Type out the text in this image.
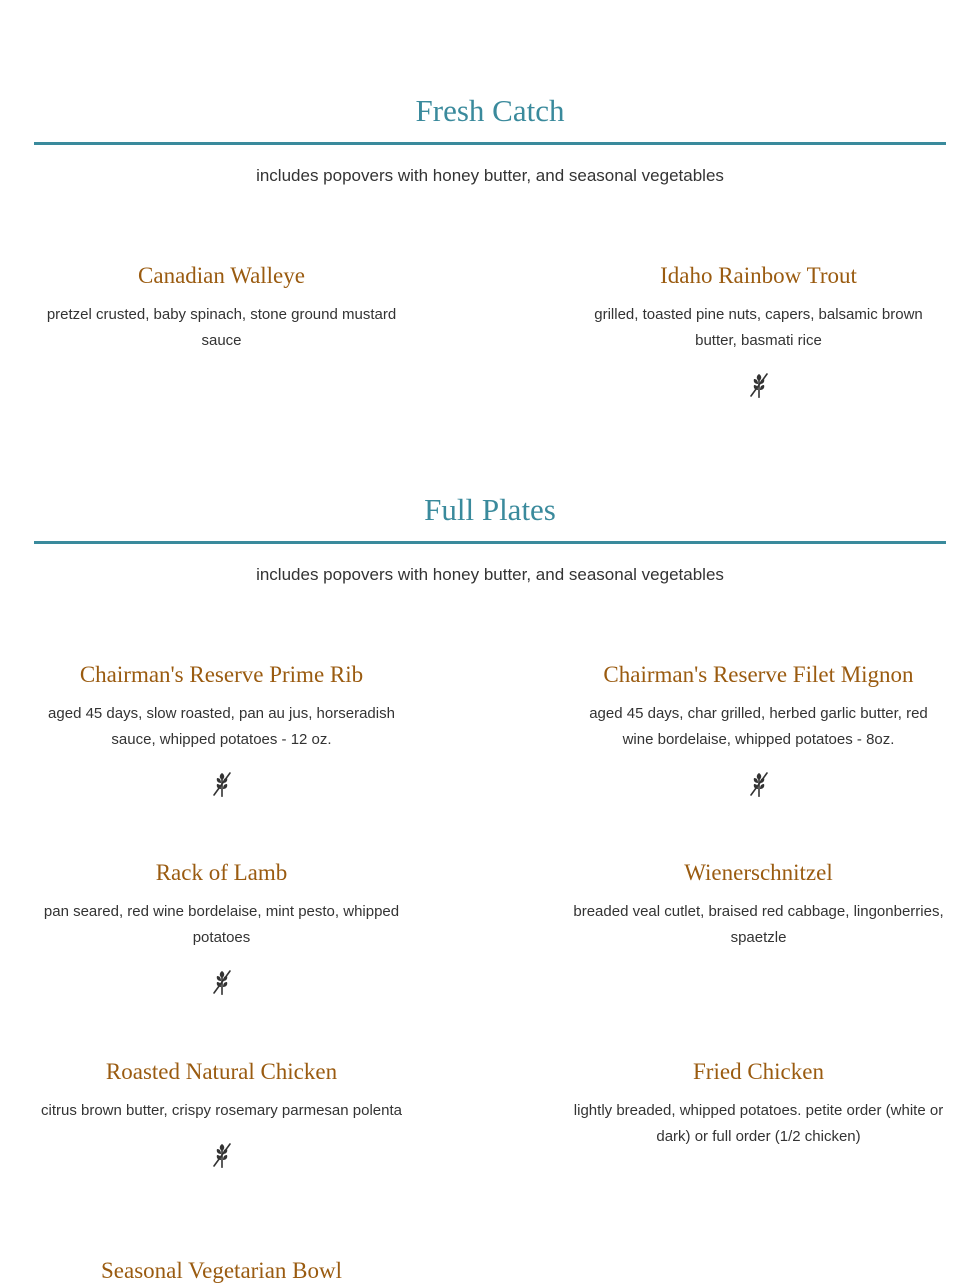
Fresh Catch
includes popovers with honey butter, and seasonal vegetables
Canadian Walleye
pretzel crusted, baby spinach, stone ground mustard sauce
Idaho Rainbow Trout
grilled, toasted pine nuts, capers, balsamic brown butter, basmati rice
Full Plates
includes popovers with honey butter, and seasonal vegetables
Chairman's Reserve Prime Rib
aged 45 days, slow roasted, pan au jus, horseradish sauce, whipped potatoes - 12 oz.
Chairman's Reserve Filet Mignon
aged 45 days, char grilled, herbed garlic butter, red wine bordelaise, whipped potatoes - 8oz.
Rack of Lamb
pan seared, red wine bordelaise, mint pesto, whipped potatoes
Wienerschnitzel
breaded veal cutlet, braised red cabbage, lingonberries, spaetzle
Roasted Natural Chicken
citrus brown butter, crispy rosemary parmesan polenta
Fried Chicken
lightly breaded, whipped potatoes. petite order (white or dark) or full order (1/2 chicken)
Seasonal Vegetarian Bowl
